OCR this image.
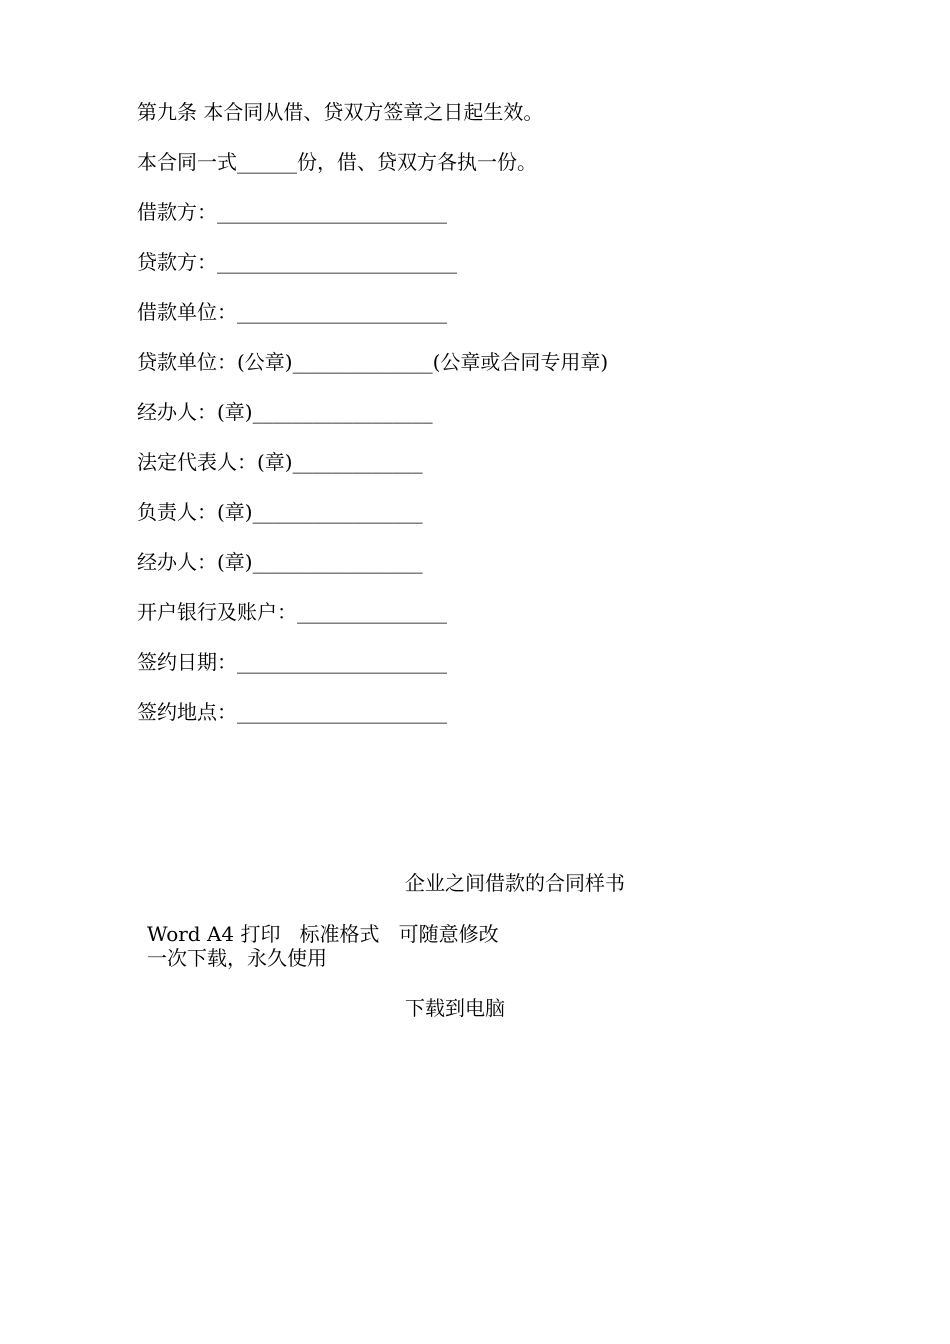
第九条 本合同从借、贷双方签章之日起生效。

本合同一式______份，借、贷双方各执一份。

借款方：_______________________

贷款方：________________________

借款单位：_____________________

贷款单位：(公章)______________(公章或合同专用章)

经办人：(章)__________________

法定代表人：(章)_____________

负责人：(章)_________________

经办人：(章)_________________

开户银行及账户：_______________

签约日期：_____________________

签约地点：_____________________

企业之间借款的合同样书

Word A4 打印   标准格式   可随意修改

一次下载，永久使用

下载到电脑
